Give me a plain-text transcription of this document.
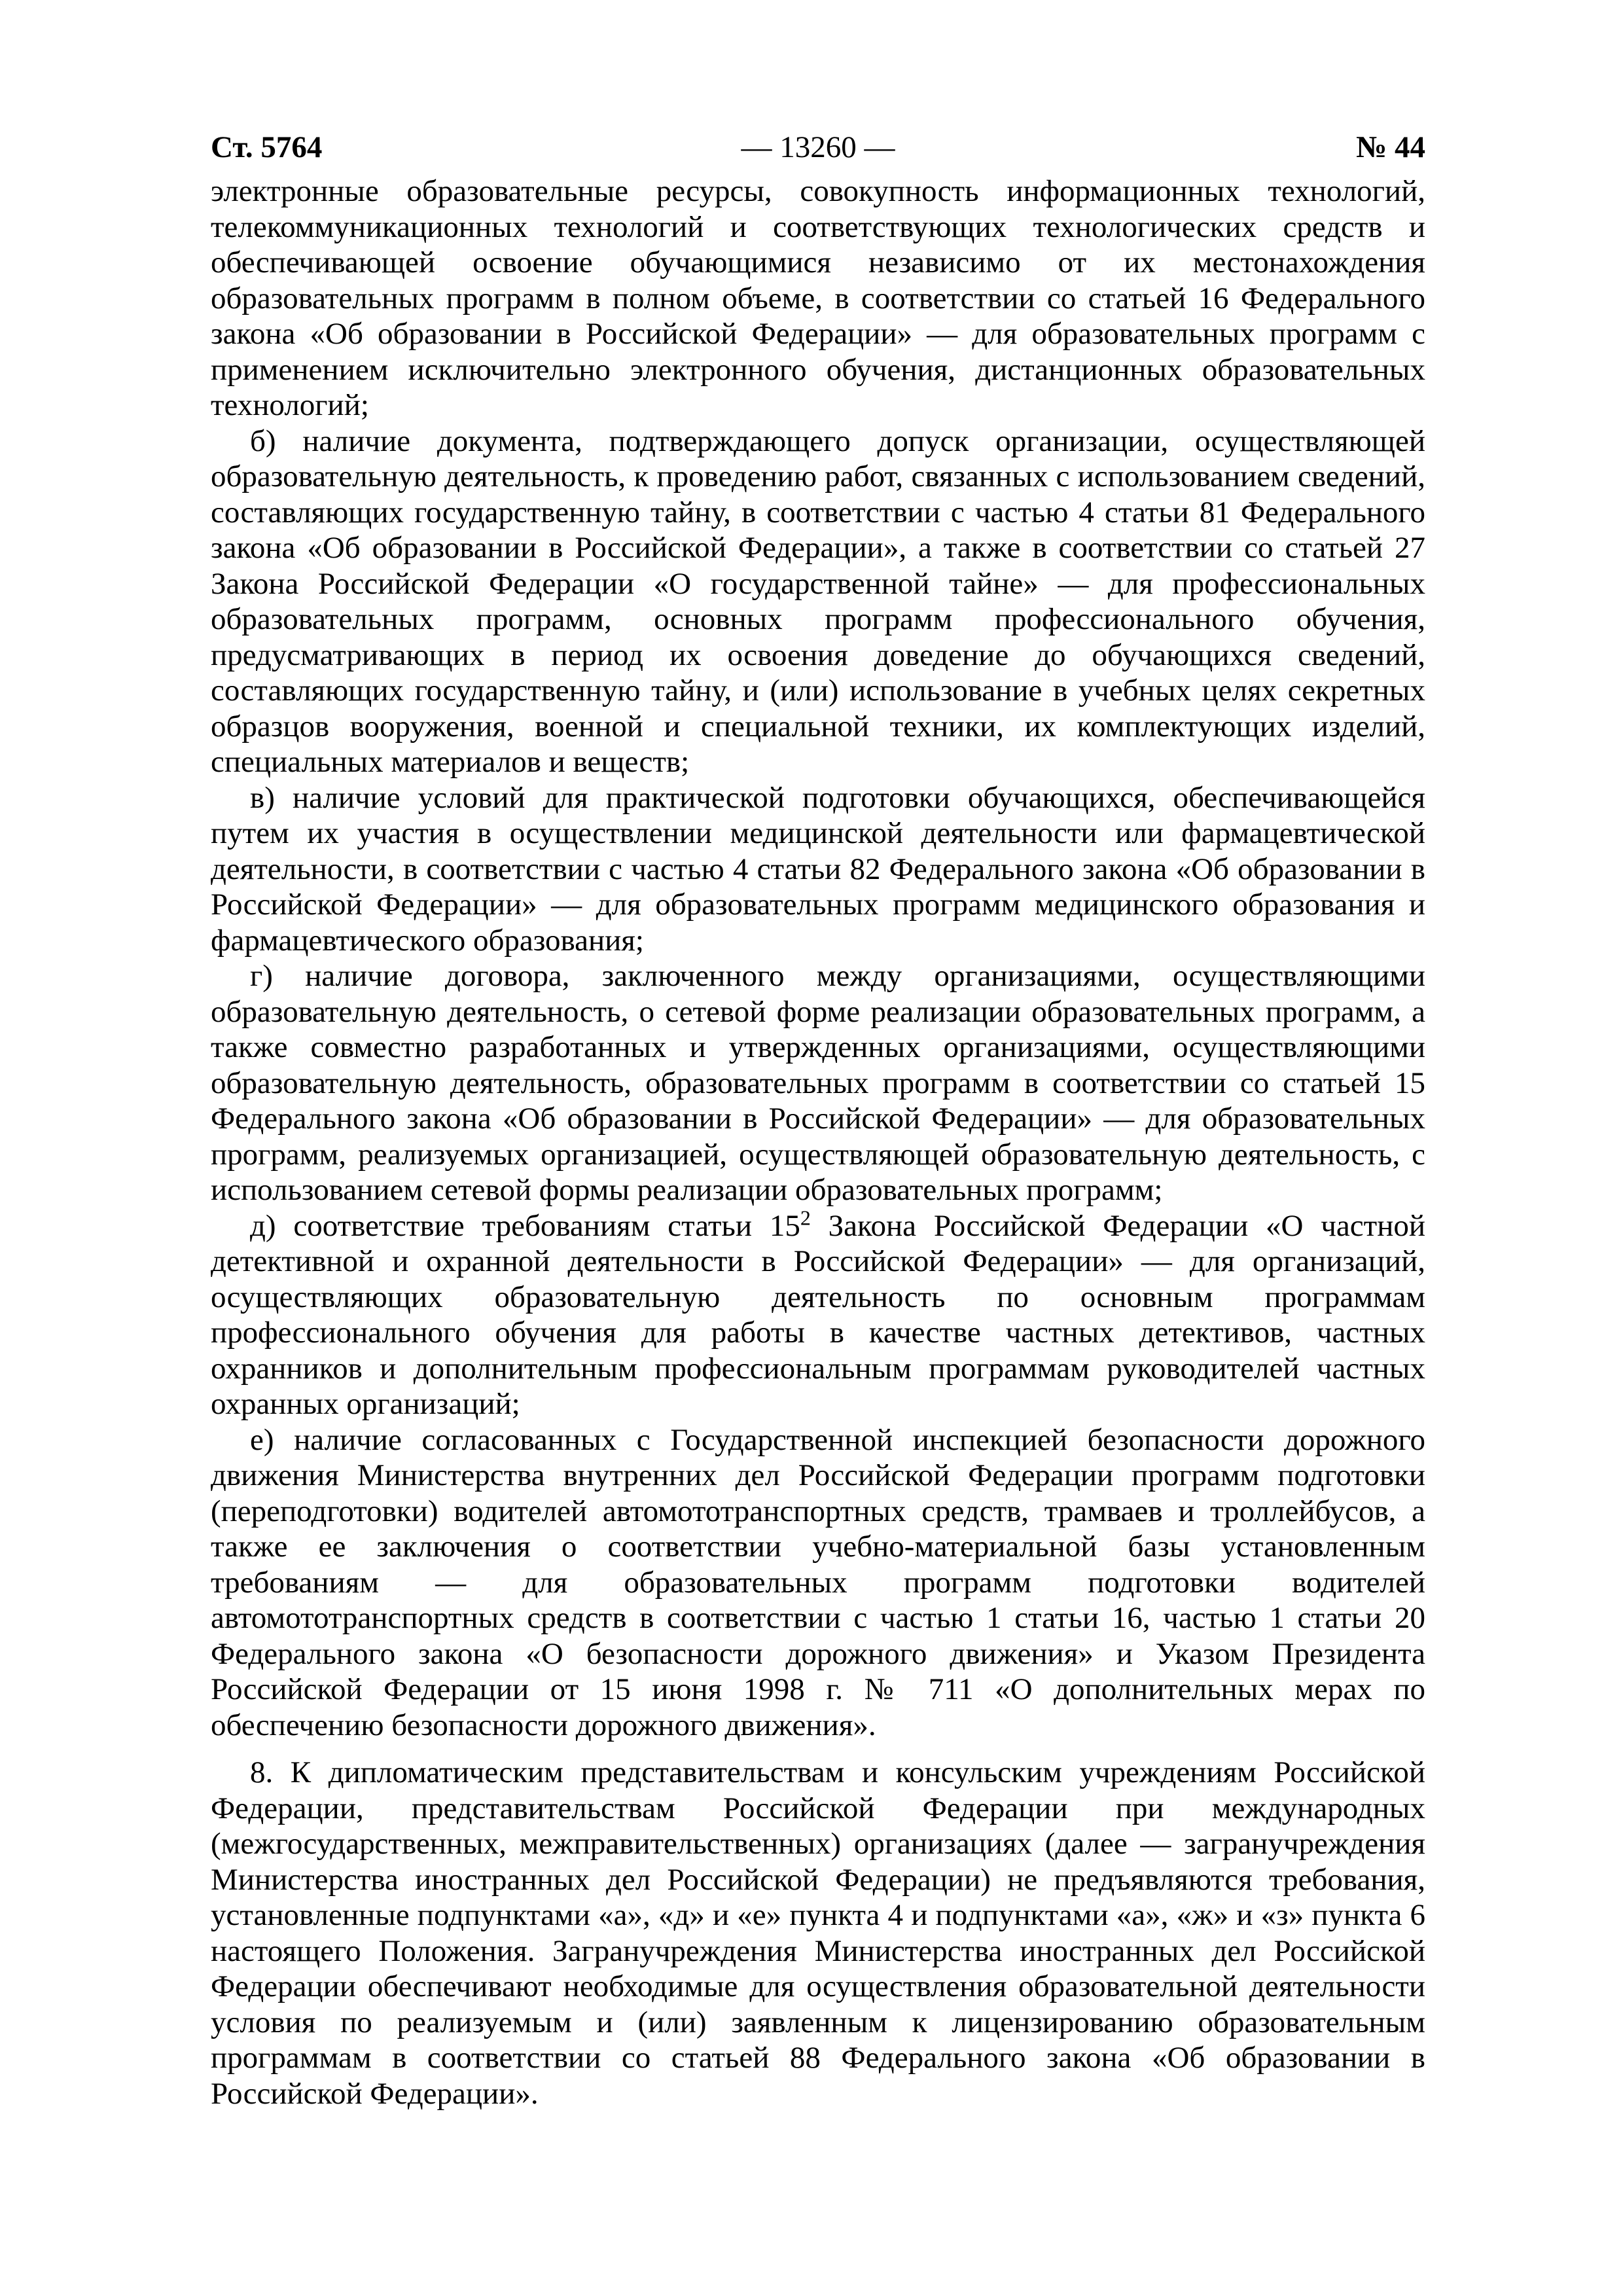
Ст. 5764	— 13260 —	№ 44

электронные образовательные ресурсы, совокупность информационных технологий, телекоммуникационных технологий и соответствующих технологических средств и обеспечивающей освоение обучающимися независимо от их местонахождения образовательных программ в полном объеме, в соответствии со статьей 16 Федерального закона «Об образовании в Российской Федерации» — для образовательных программ с применением исключительно электронного обучения, дистанционных образовательных технологий;

б) наличие документа, подтверждающего допуск организации, осуществляющей образовательную деятельность, к проведению работ, связанных с использованием сведений, составляющих государственную тайну, в соответствии с частью 4 статьи 81 Федерального закона «Об образовании в Российской Федерации», а также в соответствии со статьей 27 Закона Российской Федерации «О государственной тайне» — для профессиональных образовательных программ, основных программ профессионального обучения, предусматривающих в период их освоения доведение до обучающихся сведений, составляющих государственную тайну, и (или) использование в учебных целях секретных образцов вооружения, военной и специальной техники, их комплектующих изделий, специальных материалов и веществ;

в) наличие условий для практической подготовки обучающихся, обеспечивающейся путем их участия в осуществлении медицинской деятельности или фармацевтической деятельности, в соответствии с частью 4 статьи 82 Федерального закона «Об образовании в Российской Федерации» — для образовательных программ медицинского образования и фармацевтического образования;

г) наличие договора, заключенного между организациями, осуществляющими образовательную деятельность, о сетевой форме реализации образовательных программ, а также совместно разработанных и утвержденных организациями, осуществляющими образовательную деятельность, образовательных программ в соответствии со статьей 15 Федерального закона «Об образовании в Российской Федерации» — для образовательных программ, реализуемых организацией, осуществляющей образовательную деятельность, с использованием сетевой формы реализации образовательных программ;

д) соответствие требованиям статьи $15^2$ Закона Российской Федерации «О частной детективной и охранной деятельности в Российской Федерации» — для организаций, осуществляющих образовательную деятельность по основным программам профессионального обучения для работы в качестве частных детективов, частных охранников и дополнительным профессиональным программам руководителей частных охранных организаций;

е) наличие согласованных с Государственной инспекцией безопасности дорожного движения Министерства внутренних дел Российской Федерации программ подготовки (переподготовки) водителей автомототранспортных средств, трамваев и троллейбусов, а также ее заключения о соответствии учебно-материальной базы установленным требованиям — для образовательных программ подготовки водителей автомототранспортных средств в соответствии с частью 1 статьи 16, частью 1 статьи 20 Федерального закона «О безопасности дорожного движения» и Указом Президента Российской Федерации от 15 июня 1998 г. № 711 «О дополнительных мерах по обеспечению безопасности дорожного движения».

8. К дипломатическим представительствам и консульским учреждениям Российской Федерации, представительствам Российской Федерации при международных (межгосударственных, межправительственных) организациях (далее — загранучреждения Министерства иностранных дел Российской Федерации) не предъявляются требования, установленные подпунктами «а», «д» и «е» пункта 4 и подпунктами «а», «ж» и «з» пункта 6 настоящего Положения. Загранучреждения Министерства иностранных дел Российской Федерации обеспечивают необходимые для осуществления образовательной деятельности условия по реализуемым и (или) заявленным к лицензированию образовательным программам в соответствии со статьей 88 Федерального закона «Об образовании в Российской Федерации».
